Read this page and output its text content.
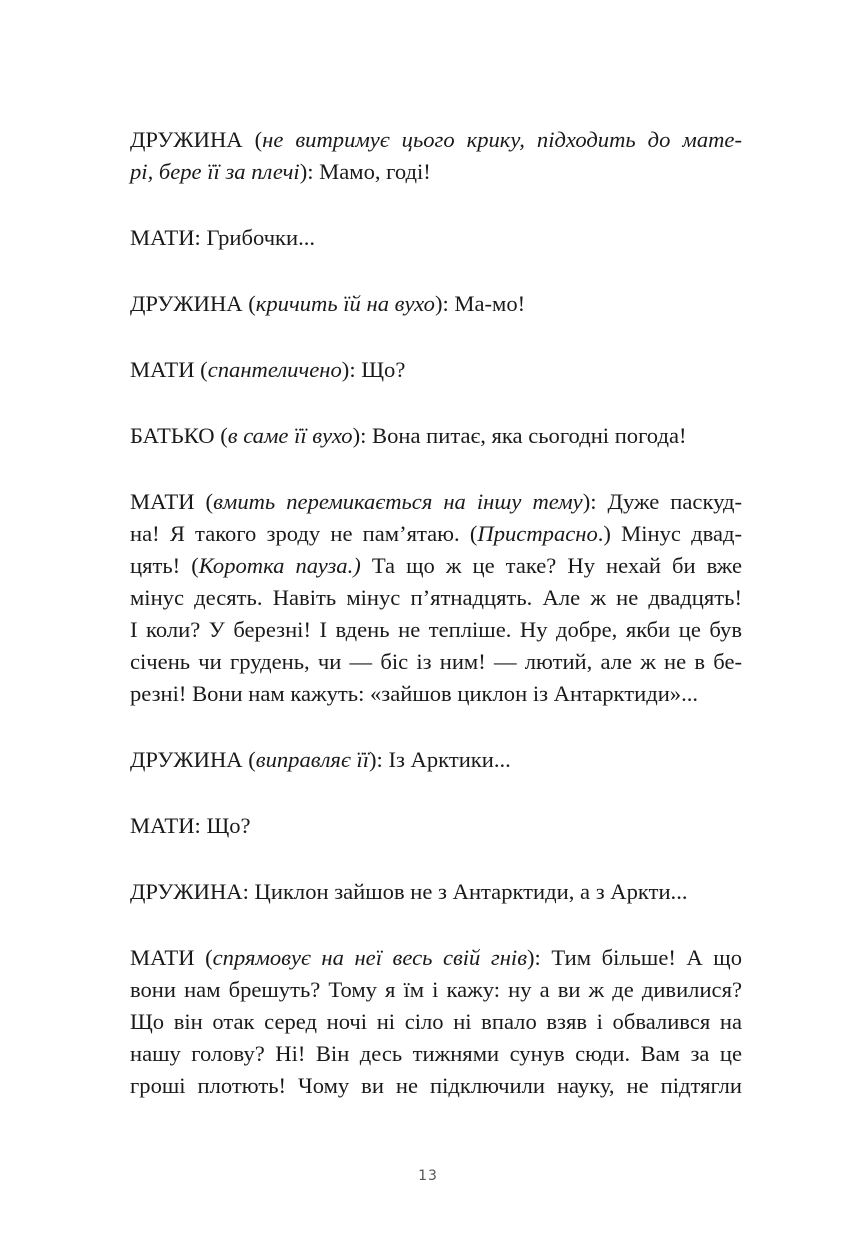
ДРУЖИНА (не витримує цього крику, підходить до мате-
рі, бере її за плечі): Мамо, годі!
МАТИ: Грибочки...
ДРУЖИНА (кричить їй на вухо): Ма-мо!
МАТИ (спантеличено): Що?
БАТЬКО (в саме її вухо): Вона питає, яка сьогодні погода!
МАТИ (вмить перемикається на іншу тему): Дуже паскуд-
на! Я такого зроду не пам’ятаю. (Пристрасно.) Мінус двад-
цять! (Коротка пауза.) Та що ж це таке? Ну нехай би вже
мінус десять. Навіть мінус п’ятнадцять. Але ж не двадцять!
І коли? У березні! І вдень не тепліше. Ну добре, якби це був
січень чи грудень, чи — біс із ним! — лютий, але ж не в бе-
резні! Вони нам кажуть: «зайшов циклон із Антарктиди»...
ДРУЖИНА (виправляє її): Із Арктики...
МАТИ: Що?
ДРУЖИНА: Циклон зайшов не з Антарктиди, а з Аркти...
МАТИ (спрямовує на неї весь свій гнів): Тим більше! А що
вони нам брешуть? Тому я їм і кажу: ну а ви ж де дивилися?
Що він отак серед ночі ні сіло ні впало взяв і обвалився на
нашу голову? Ні! Він десь тижнями сунув сюди. Вам за це
гроші плотють! Чому ви не підключили науку, не підтягли
13
